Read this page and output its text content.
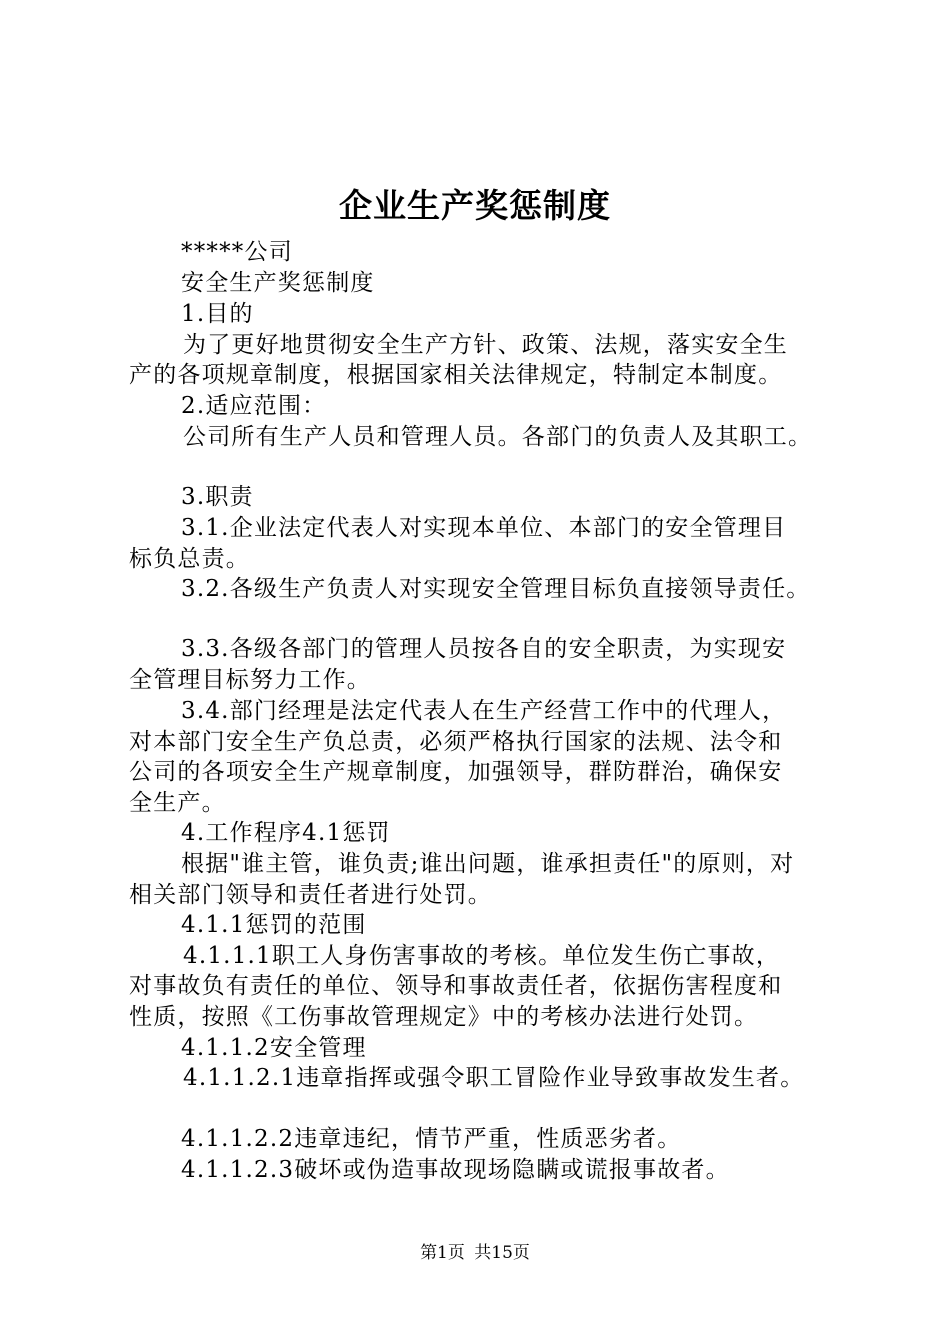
企业生产奖惩制度
*****公司
安全生产奖惩制度
1.目的
为了更好地贯彻安全生产方针、政策、法规，落实安全生
产的各项规章制度，根据国家相关法律规定，特制定本制度。
2.适应范围：
公司所有生产人员和管理人员。各部门的负责人及其职工。
3.职责
3.1.企业法定代表人对实现本单位、本部门的安全管理目
标负总责。
3.2.各级生产负责人对实现安全管理目标负直接领导责任。
3.3.各级各部门的管理人员按各自的安全职责，为实现安
全管理目标努力工作。
3.4.部门经理是法定代表人在生产经营工作中的代理人，
对本部门安全生产负总责，必须严格执行国家的法规、法令和
公司的各项安全生产规章制度，加强领导，群防群治，确保安
全生产。
4.工作程序4.1惩罚
根据"谁主管，谁负责;谁出问题，谁承担责任"的原则，对
相关部门领导和责任者进行处罚。
4.1.1惩罚的范围
4.1.1.1职工人身伤害事故的考核。单位发生伤亡事故，
对事故负有责任的单位、领导和事故责任者，依据伤害程度和
性质，按照《工伤事故管理规定》中的考核办法进行处罚。
4.1.1.2安全管理
4.1.1.2.1违章指挥或强令职工冒险作业导致事故发生者。
4.1.1.2.2违章违纪，情节严重，性质恶劣者。
4.1.1.2.3破坏或伪造事故现场隐瞒或谎报事故者。
第1页 共15页
